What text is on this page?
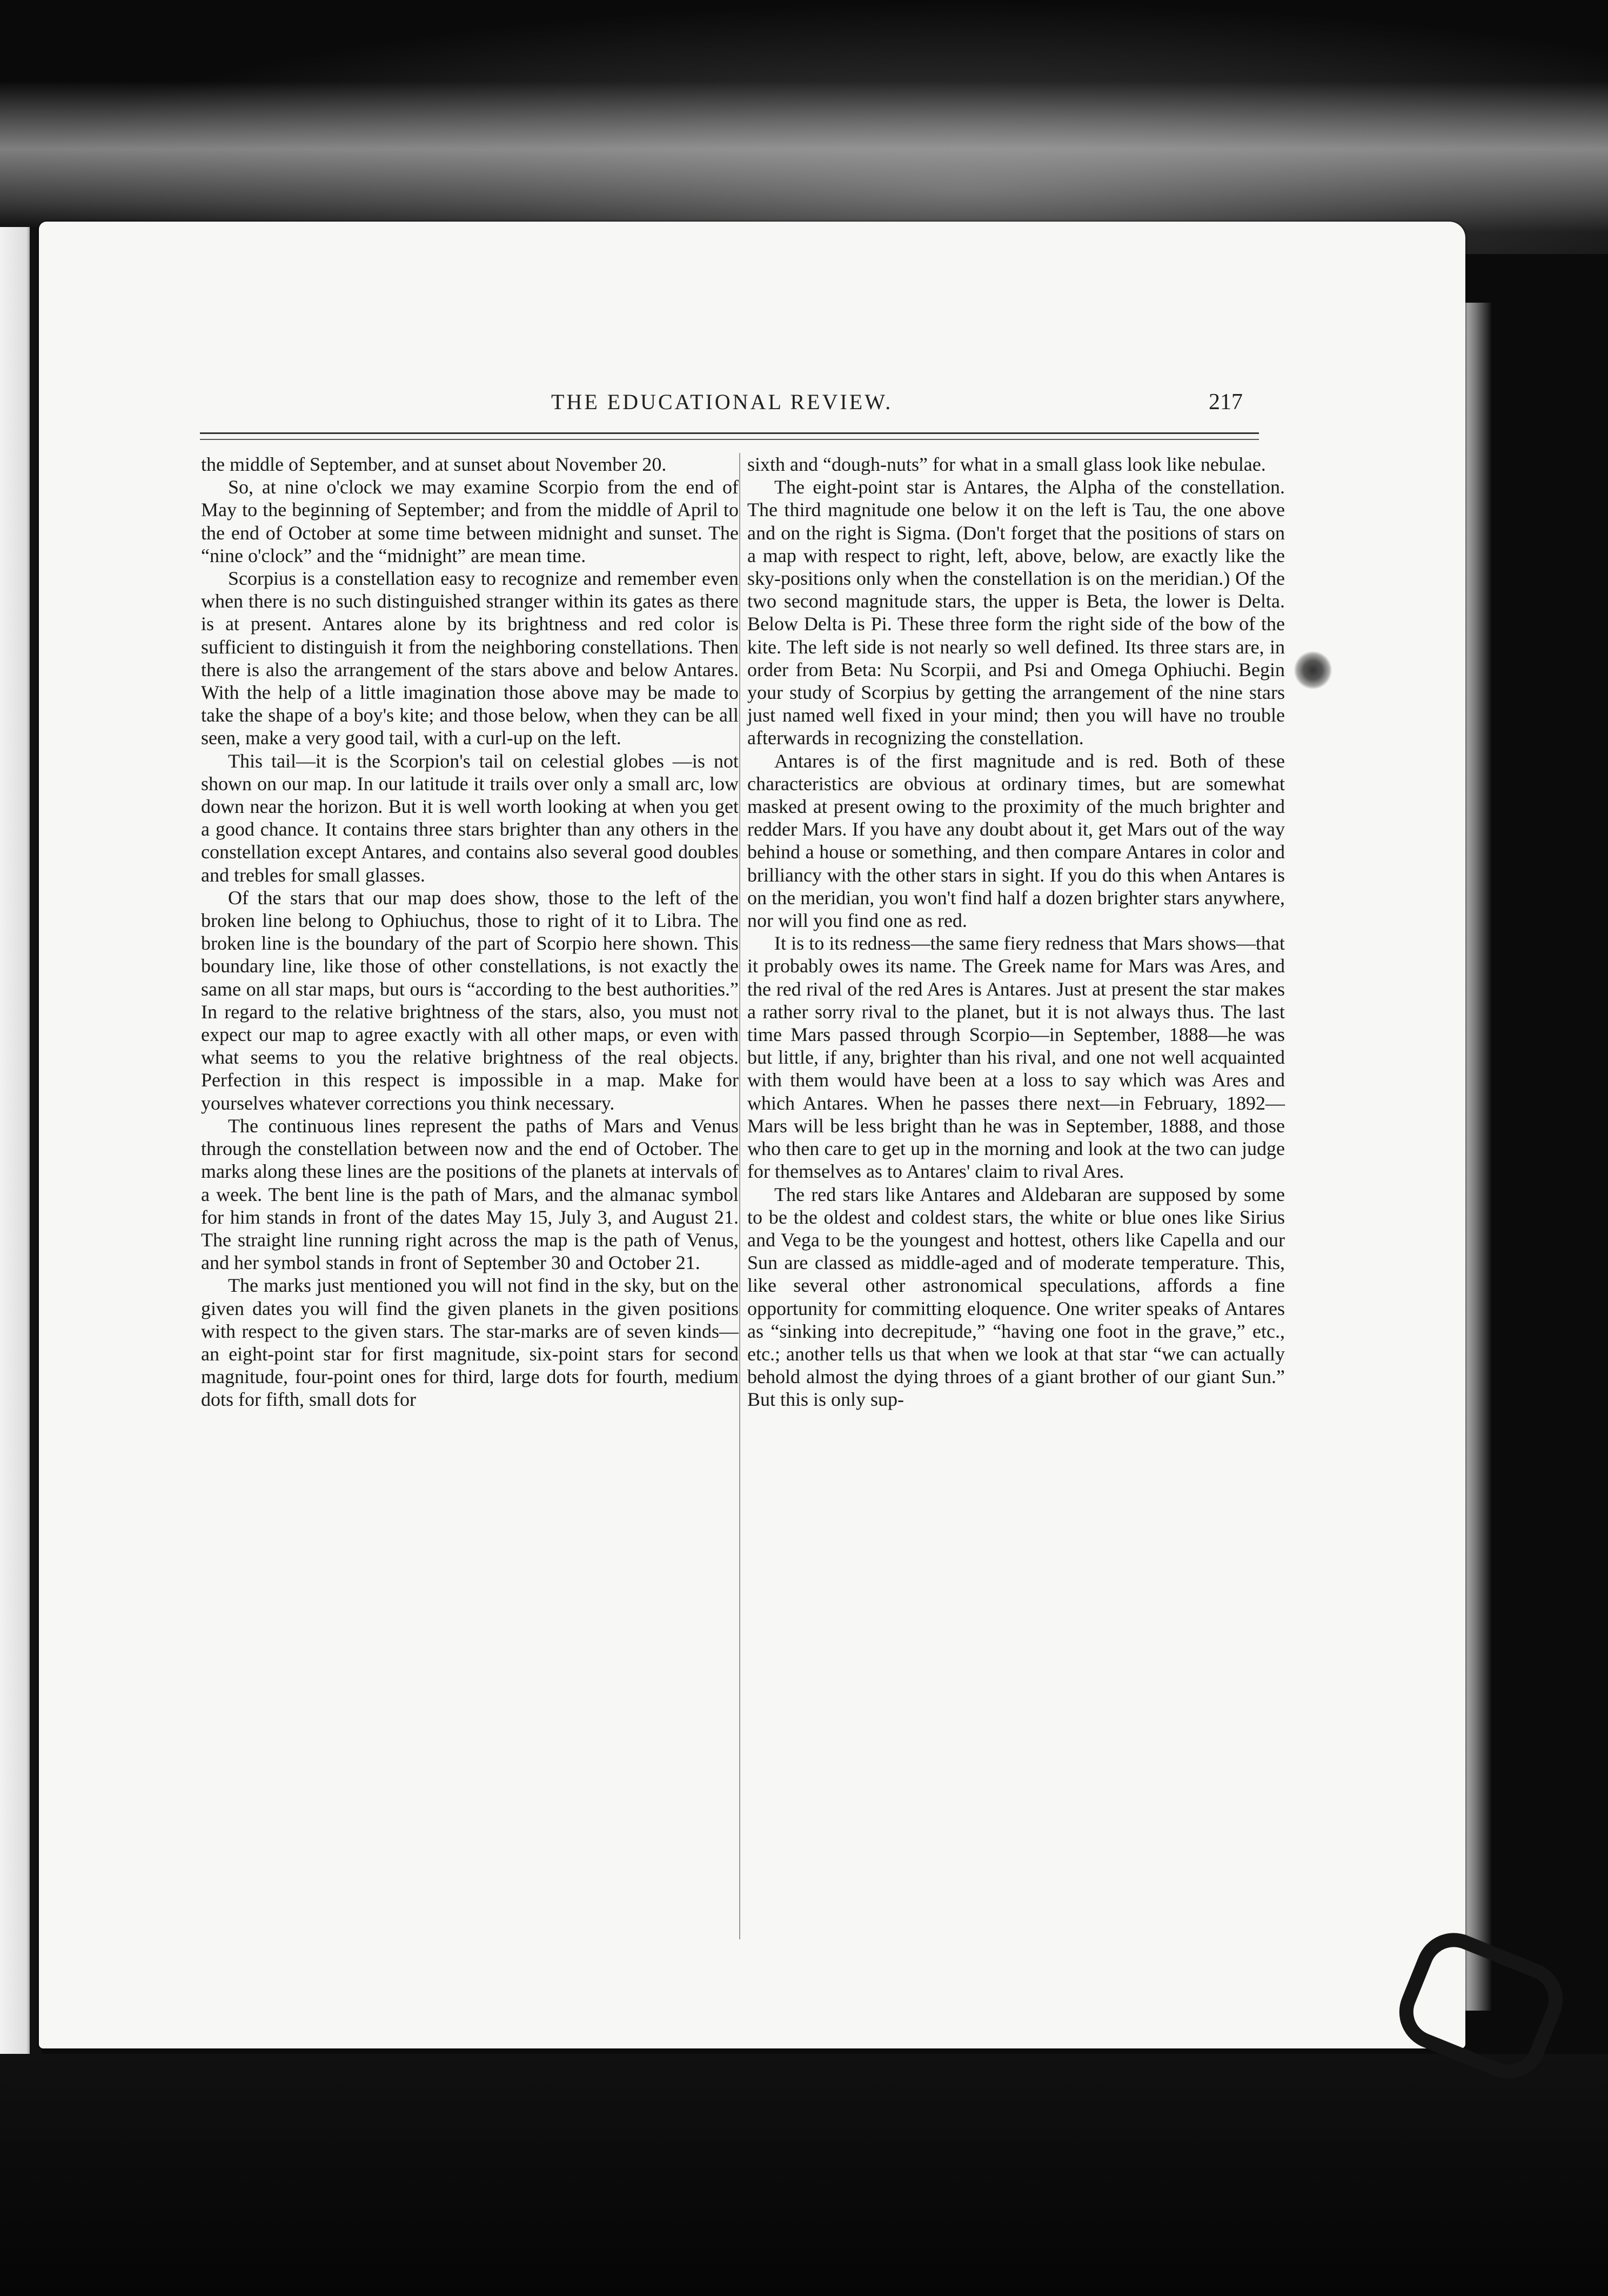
THE EDUCATIONAL REVIEW.	217

the middle of September, and at sunset about November 20.

So, at nine o'clock we may examine Scorpio from the end of May to the beginning of September; and from the middle of April to the end of October at some time between midnight and sunset. The “nine o'clock” and the “midnight” are mean time.

Scorpius is a constellation easy to recognize and remember even when there is no such distinguished stranger within its gates as there is at present. Antares alone by its brightness and red color is sufficient to distinguish it from the neighboring constellations. Then there is also the arrangement of the stars above and below Antares. With the help of a little imagination those above may be made to take the shape of a boy's kite; and those below, when they can be all seen, make a very good tail, with a curl-up on the left.

This tail—it is the Scorpion's tail on celestial globes —is not shown on our map. In our latitude it trails over only a small arc, low down near the horizon. But it is well worth looking at when you get a good chance. It contains three stars brighter than any others in the constellation except Antares, and contains also several good doubles and trebles for small glasses.

Of the stars that our map does show, those to the left of the broken line belong to Ophiuchus, those to right of it to Libra. The broken line is the boundary of the part of Scorpio here shown. This boundary line, like those of other constellations, is not exactly the same on all star maps, but ours is “according to the best authorities.” In regard to the relative brightness of the stars, also, you must not expect our map to agree exactly with all other maps, or even with what seems to you the relative brightness of the real objects. Perfection in this respect is impossible in a map. Make for yourselves whatever corrections you think necessary.

The continuous lines represent the paths of Mars and Venus through the constellation between now and the end of October. The marks along these lines are the positions of the planets at intervals of a week. The bent line is the path of Mars, and the almanac symbol for him stands in front of the dates May 15, July 3, and August 21. The straight line running right across the map is the path of Venus, and her symbol stands in front of September 30 and October 21.

The marks just mentioned you will not find in the sky, but on the given dates you will find the given planets in the given positions with respect to the given stars. The star-marks are of seven kinds—an eight-point star for first magnitude, six-point stars for second magnitude, four-point ones for third, large dots for fourth, medium dots for fifth, small dots for

sixth and “dough-nuts” for what in a small glass look like nebulae.

The eight-point star is Antares, the Alpha of the constellation. The third magnitude one below it on the left is Tau, the one above and on the right is Sigma. (Don't forget that the positions of stars on a map with respect to right, left, above, below, are exactly like the sky-positions only when the constellation is on the meridian.) Of the two second magnitude stars, the upper is Beta, the lower is Delta. Below Delta is Pi. These three form the right side of the bow of the kite. The left side is not nearly so well defined. Its three stars are, in order from Beta: Nu Scorpii, and Psi and Omega Ophiuchi. Begin your study of Scorpius by getting the arrangement of the nine stars just named well fixed in your mind; then you will have no trouble afterwards in recognizing the constellation.

Antares is of the first magnitude and is red. Both of these characteristics are obvious at ordinary times, but are somewhat masked at present owing to the proximity of the much brighter and redder Mars. If you have any doubt about it, get Mars out of the way behind a house or something, and then compare Antares in color and brilliancy with the other stars in sight. If you do this when Antares is on the meridian, you won't find half a dozen brighter stars anywhere, nor will you find one as red.

It is to its redness—the same fiery redness that Mars shows—that it probably owes its name. The Greek name for Mars was Ares, and the red rival of the red Ares is Antares. Just at present the star makes a rather sorry rival to the planet, but it is not always thus. The last time Mars passed through Scorpio—in September, 1888—he was but little, if any, brighter than his rival, and one not well acquainted with them would have been at a loss to say which was Ares and which Antares. When he passes there next—in February, 1892—Mars will be less bright than he was in September, 1888, and those who then care to get up in the morning and look at the two can judge for themselves as to Antares' claim to rival Ares.

The red stars like Antares and Aldebaran are supposed by some to be the oldest and coldest stars, the white or blue ones like Sirius and Vega to be the youngest and hottest, others like Capella and our Sun are classed as middle-aged and of moderate temperature. This, like several other astronomical speculations, affords a fine opportunity for committing eloquence. One writer speaks of Antares as “sinking into decrepitude,” “having one foot in the grave,” etc., etc.; another tells us that when we look at that star “we can actually behold almost the dying throes of a giant brother of our giant Sun.” But this is only sup-
